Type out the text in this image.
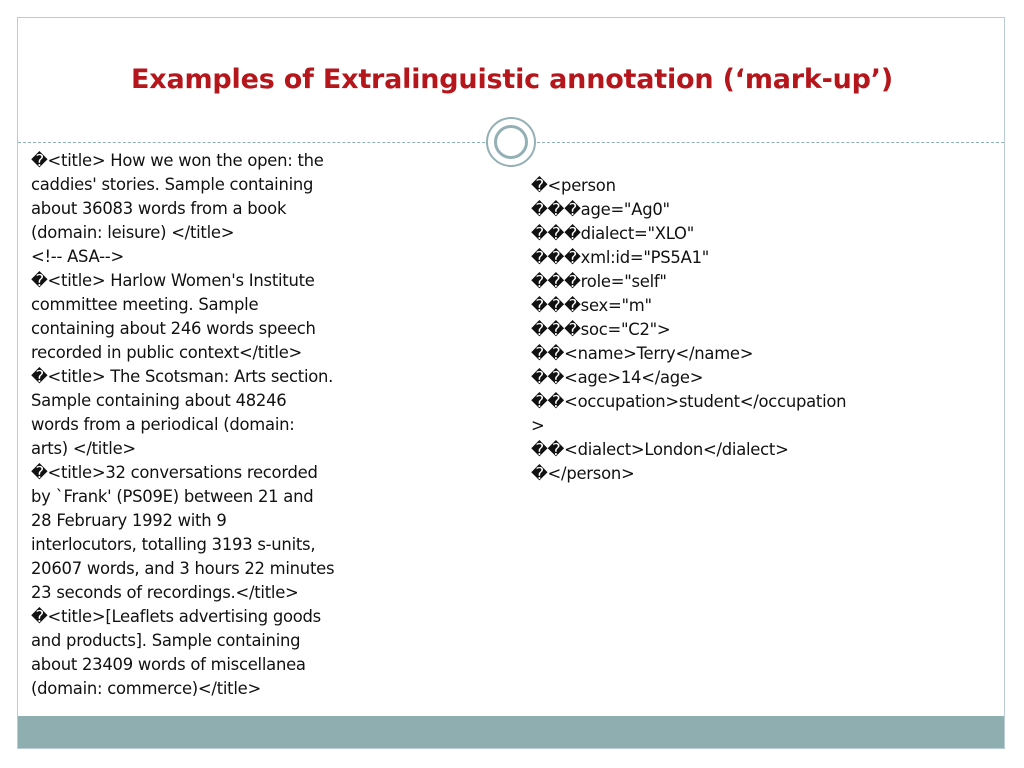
Examples of Extralinguistic annotation (‘mark-up’)
�<title> How we won the open: the
caddies' stories. Sample containing
about 36083 words from a book
(domain: leisure) </title>
<!-- ASA-->
�<title> Harlow Women's Institute
committee meeting. Sample
containing about 246 words speech
recorded in public context</title>
�<title> The Scotsman: Arts section.
Sample containing about 48246
words from a periodical (domain:
arts) </title>
�<title>32 conversations recorded
by `Frank' (PS09E) between 21 and
28 February 1992 with 9
interlocutors, totalling 3193 s-units,
20607 words, and 3 hours 22 minutes
23 seconds of recordings.</title>
�<title>[Leaflets advertising goods
and products]. Sample containing
about 23409 words of miscellanea
(domain: commerce)</title>
�<person
���age="Ag0"
���dialect="XLO"
���xml:id="PS5A1"
���role="self"
���sex="m"
���soc="C2">
��<name>Terry</name>
��<age>14</age>
��<occupation>student</occupation
>
��<dialect>London</dialect>
�</person>
